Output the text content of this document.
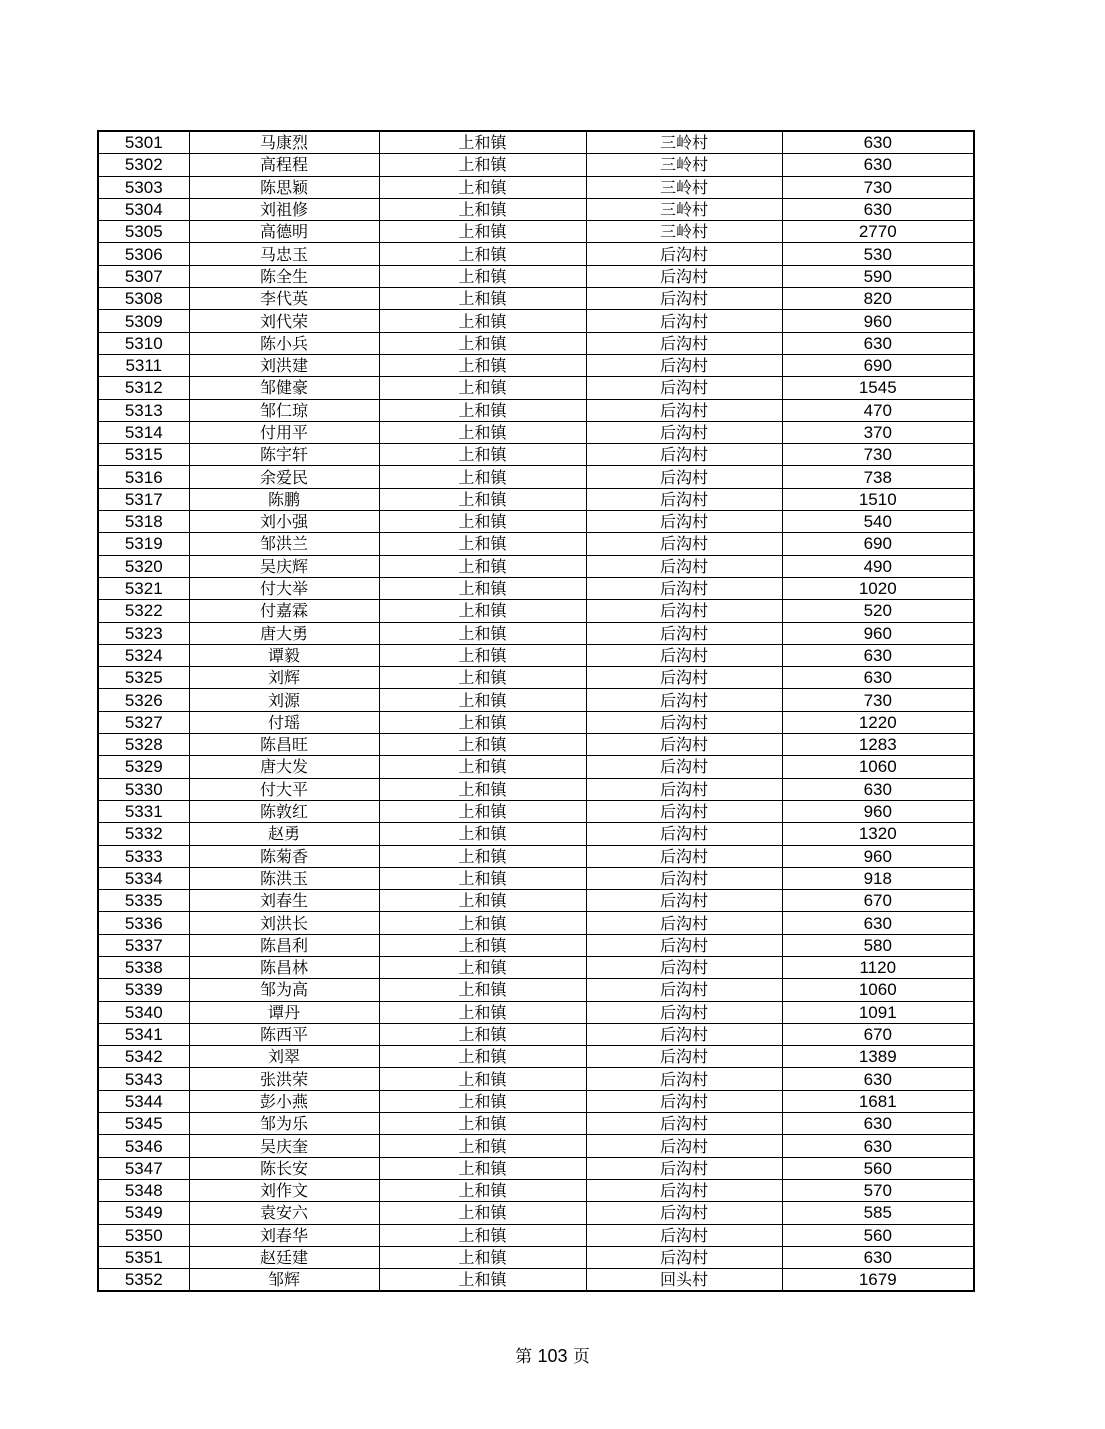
5301	马康烈	上和镇	三岭村	630
5302	高程程	上和镇	三岭村	630
5303	陈思颖	上和镇	三岭村	730
5304	刘祖修	上和镇	三岭村	630
5305	高德明	上和镇	三岭村	2770
5306	马忠玉	上和镇	后沟村	530
5307	陈全生	上和镇	后沟村	590
5308	李代英	上和镇	后沟村	820
5309	刘代荣	上和镇	后沟村	960
5310	陈小兵	上和镇	后沟村	630
5311	刘洪建	上和镇	后沟村	690
5312	邹健豪	上和镇	后沟村	1545
5313	邹仁琼	上和镇	后沟村	470
5314	付用平	上和镇	后沟村	370
5315	陈宇轩	上和镇	后沟村	730
5316	余爱民	上和镇	后沟村	738
5317	陈鹏	上和镇	后沟村	1510
5318	刘小强	上和镇	后沟村	540
5319	邹洪兰	上和镇	后沟村	690
5320	吴庆辉	上和镇	后沟村	490
5321	付大举	上和镇	后沟村	1020
5322	付嘉霖	上和镇	后沟村	520
5323	唐大勇	上和镇	后沟村	960
5324	谭毅	上和镇	后沟村	630
5325	刘辉	上和镇	后沟村	630
5326	刘源	上和镇	后沟村	730
5327	付瑶	上和镇	后沟村	1220
5328	陈昌旺	上和镇	后沟村	1283
5329	唐大发	上和镇	后沟村	1060
5330	付大平	上和镇	后沟村	630
5331	陈敦红	上和镇	后沟村	960
5332	赵勇	上和镇	后沟村	1320
5333	陈菊香	上和镇	后沟村	960
5334	陈洪玉	上和镇	后沟村	918
5335	刘春生	上和镇	后沟村	670
5336	刘洪长	上和镇	后沟村	630
5337	陈昌利	上和镇	后沟村	580
5338	陈昌林	上和镇	后沟村	1120
5339	邹为高	上和镇	后沟村	1060
5340	谭丹	上和镇	后沟村	1091
5341	陈西平	上和镇	后沟村	670
5342	刘翠	上和镇	后沟村	1389
5343	张洪荣	上和镇	后沟村	630
5344	彭小燕	上和镇	后沟村	1681
5345	邹为乐	上和镇	后沟村	630
5346	吴庆奎	上和镇	后沟村	630
5347	陈长安	上和镇	后沟村	560
5348	刘作文	上和镇	后沟村	570
5349	袁安六	上和镇	后沟村	585
5350	刘春华	上和镇	后沟村	560
5351	赵廷建	上和镇	后沟村	630
5352	邹辉	上和镇	回头村	1679
第 103 页
